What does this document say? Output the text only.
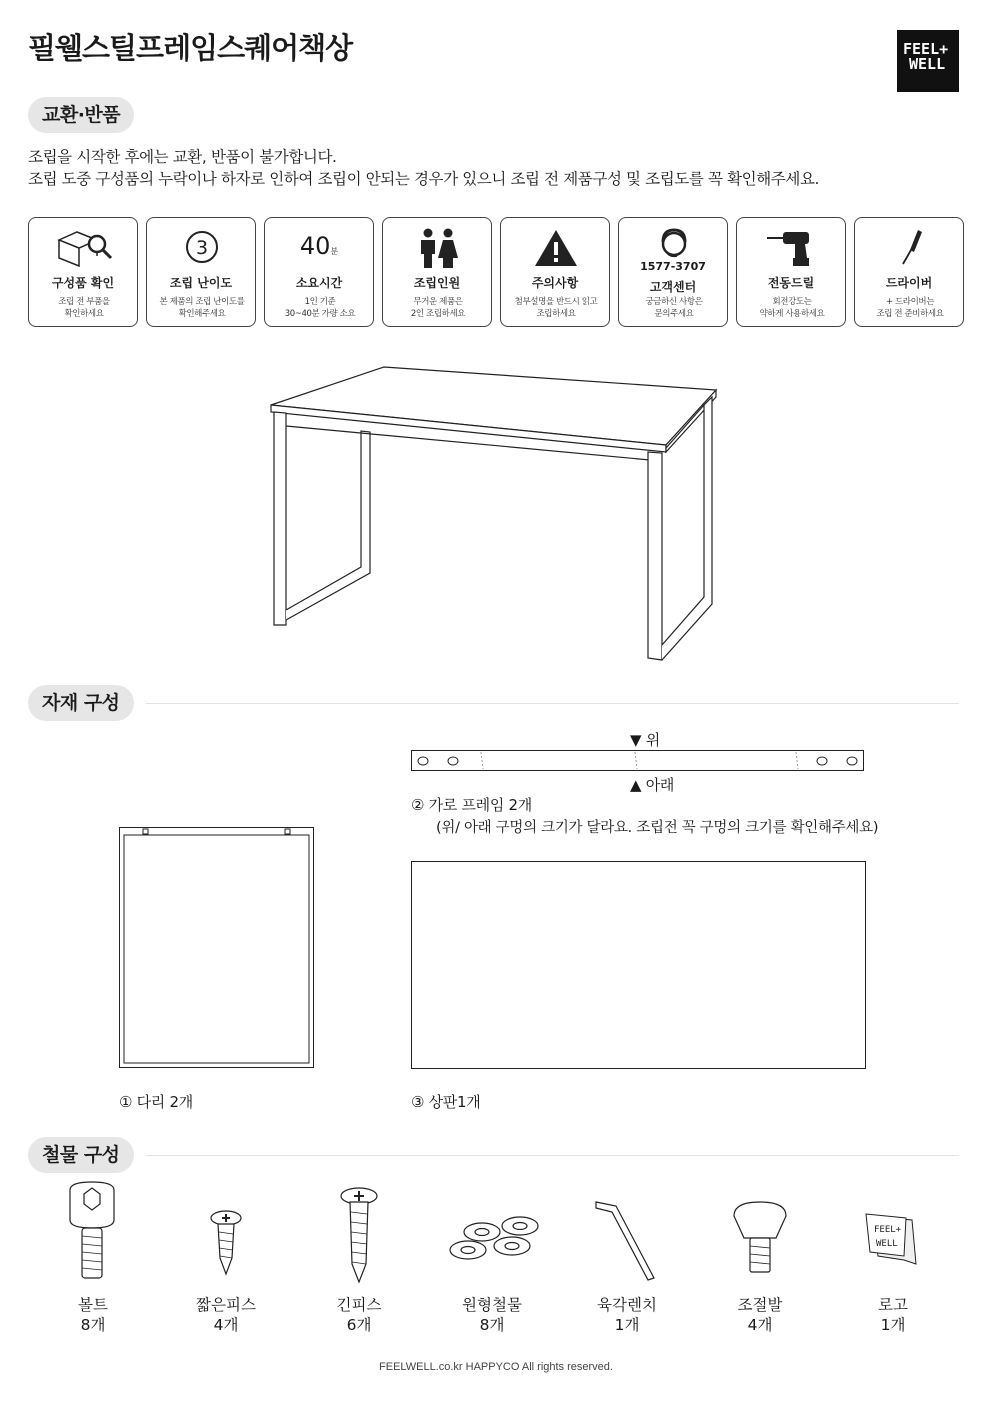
필웰스틸프레임스퀘어책상	FEEL+
WELL
교환·반품
조립을 시작한 후에는 교환, 반품이 불가합니다.
조립 도중 구성품의 누락이나 하자로 인하여 조립이 안되는 경우가 있으니 조립 전 제품구성 및 조립도를 꼭 확인해주세요.
구성품 확인
조립 전 부품을
확인하세요
3
조립 난이도
본 제품의 조립 난이도를
확인해주세요
40분
소요시간
1인 기준
30~40분 가량 소요
조립인원
무거운 제품은
2인 조립하세요
주의사항
첨부설명을 반드시 읽고
조립하세요
1577-3707
고객센터
궁금하신 사항은
문의주세요
전동드릴
회전강도는
약하게 사용하세요
드라이버
+ 드라이버는
조립 전 준비하세요
자재 구성
▼ 위
▲ 아래
② 가로 프레임 2개
(위/ 아래 구멍의 크기가 달라요. 조립전 꼭 구멍의 크기를 확인해주세요)
① 다리 2개	③ 상판1개
철물 구성
FEEL+
WELL
볼트
8개
짧은피스
4개
긴피스
6개
원형철물
8개
육각렌치
1개
조절발
4개
로고
1개
FEELWELL.co.kr HAPPYCO All rights reserved.
